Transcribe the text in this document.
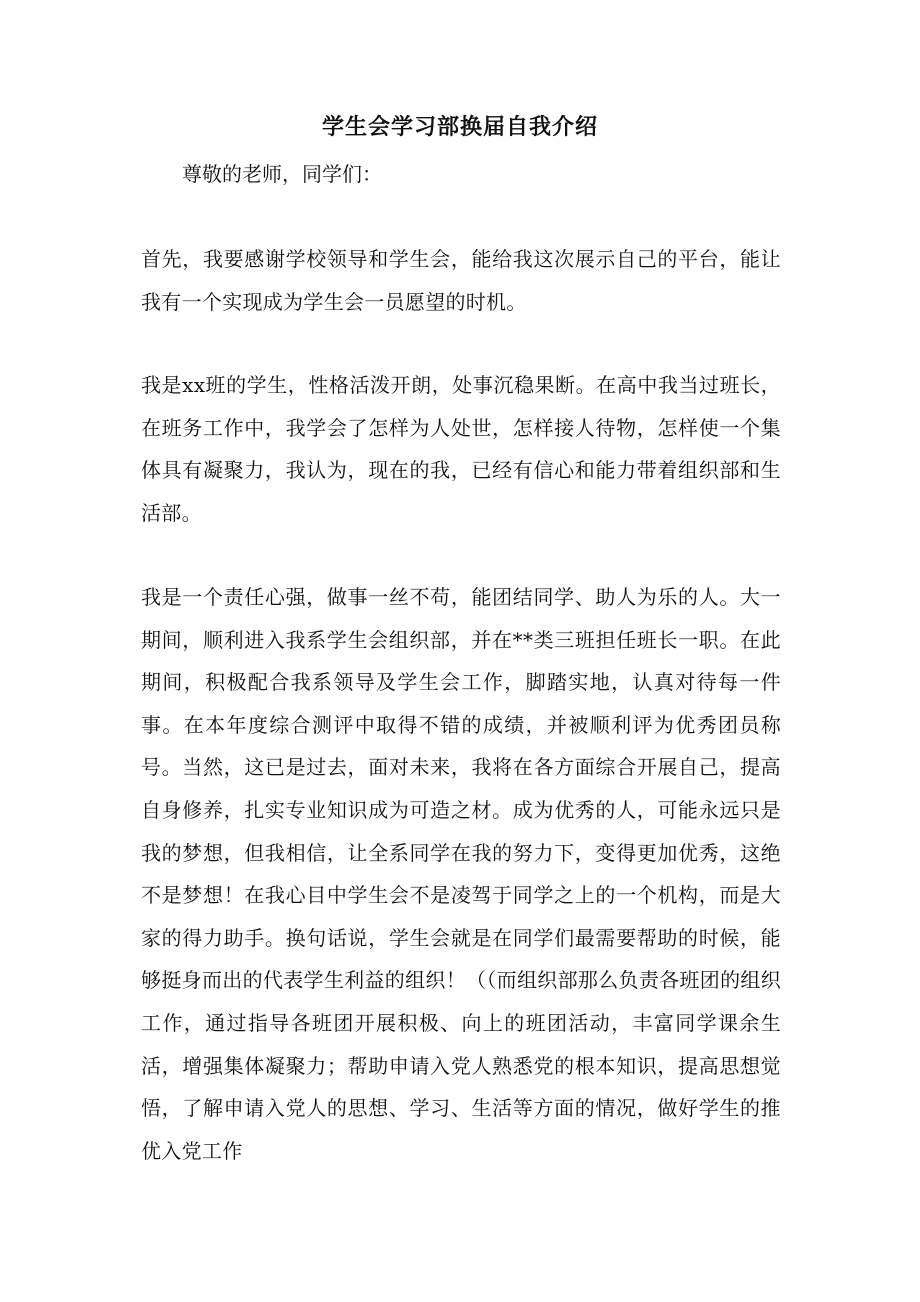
学生会学习部换届自我介绍
尊敬的老师，同学们：
首先，我要感谢学校领导和学生会，能给我这次展示自己的平台，能让我有一个实现成为学生会一员愿望的时机。
我是xx班的学生，性格活泼开朗，处事沉稳果断。在高中我当过班长，在班务工作中，我学会了怎样为人处世，怎样接人待物，怎样使一个集体具有凝聚力，我认为，现在的我，已经有信心和能力带着组织部和生活部。
我是一个责任心强，做事一丝不苟，能团结同学、助人为乐的人。大一期间，顺利进入我系学生会组织部，并在**类三班担任班长一职。在此期间，积极配合我系领导及学生会工作，脚踏实地，认真对待每一件事。在本年度综合测评中取得不错的成绩，并被顺利评为优秀团员称号。当然，这已是过去，面对未来，我将在各方面综合开展自己，提高自身修养，扎实专业知识成为可造之材。成为优秀的人，可能永远只是我的梦想，但我相信，让全系同学在我的努力下，变得更加优秀，这绝不是梦想！在我心目中学生会不是凌驾于同学之上的一个机构，而是大家的得力助手。换句话说，学生会就是在同学们最需要帮助的时候，能够挺身而出的代表学生利益的组织！（（而组织部那么负责各班团的组织工作，通过指导各班团开展积极、向上的班团活动，丰富同学课余生活，增强集体凝聚力；帮助申请入党人熟悉党的根本知识，提高思想觉悟，了解申请入党人的思想、学习、生活等方面的情况，做好学生的推优入党工作
